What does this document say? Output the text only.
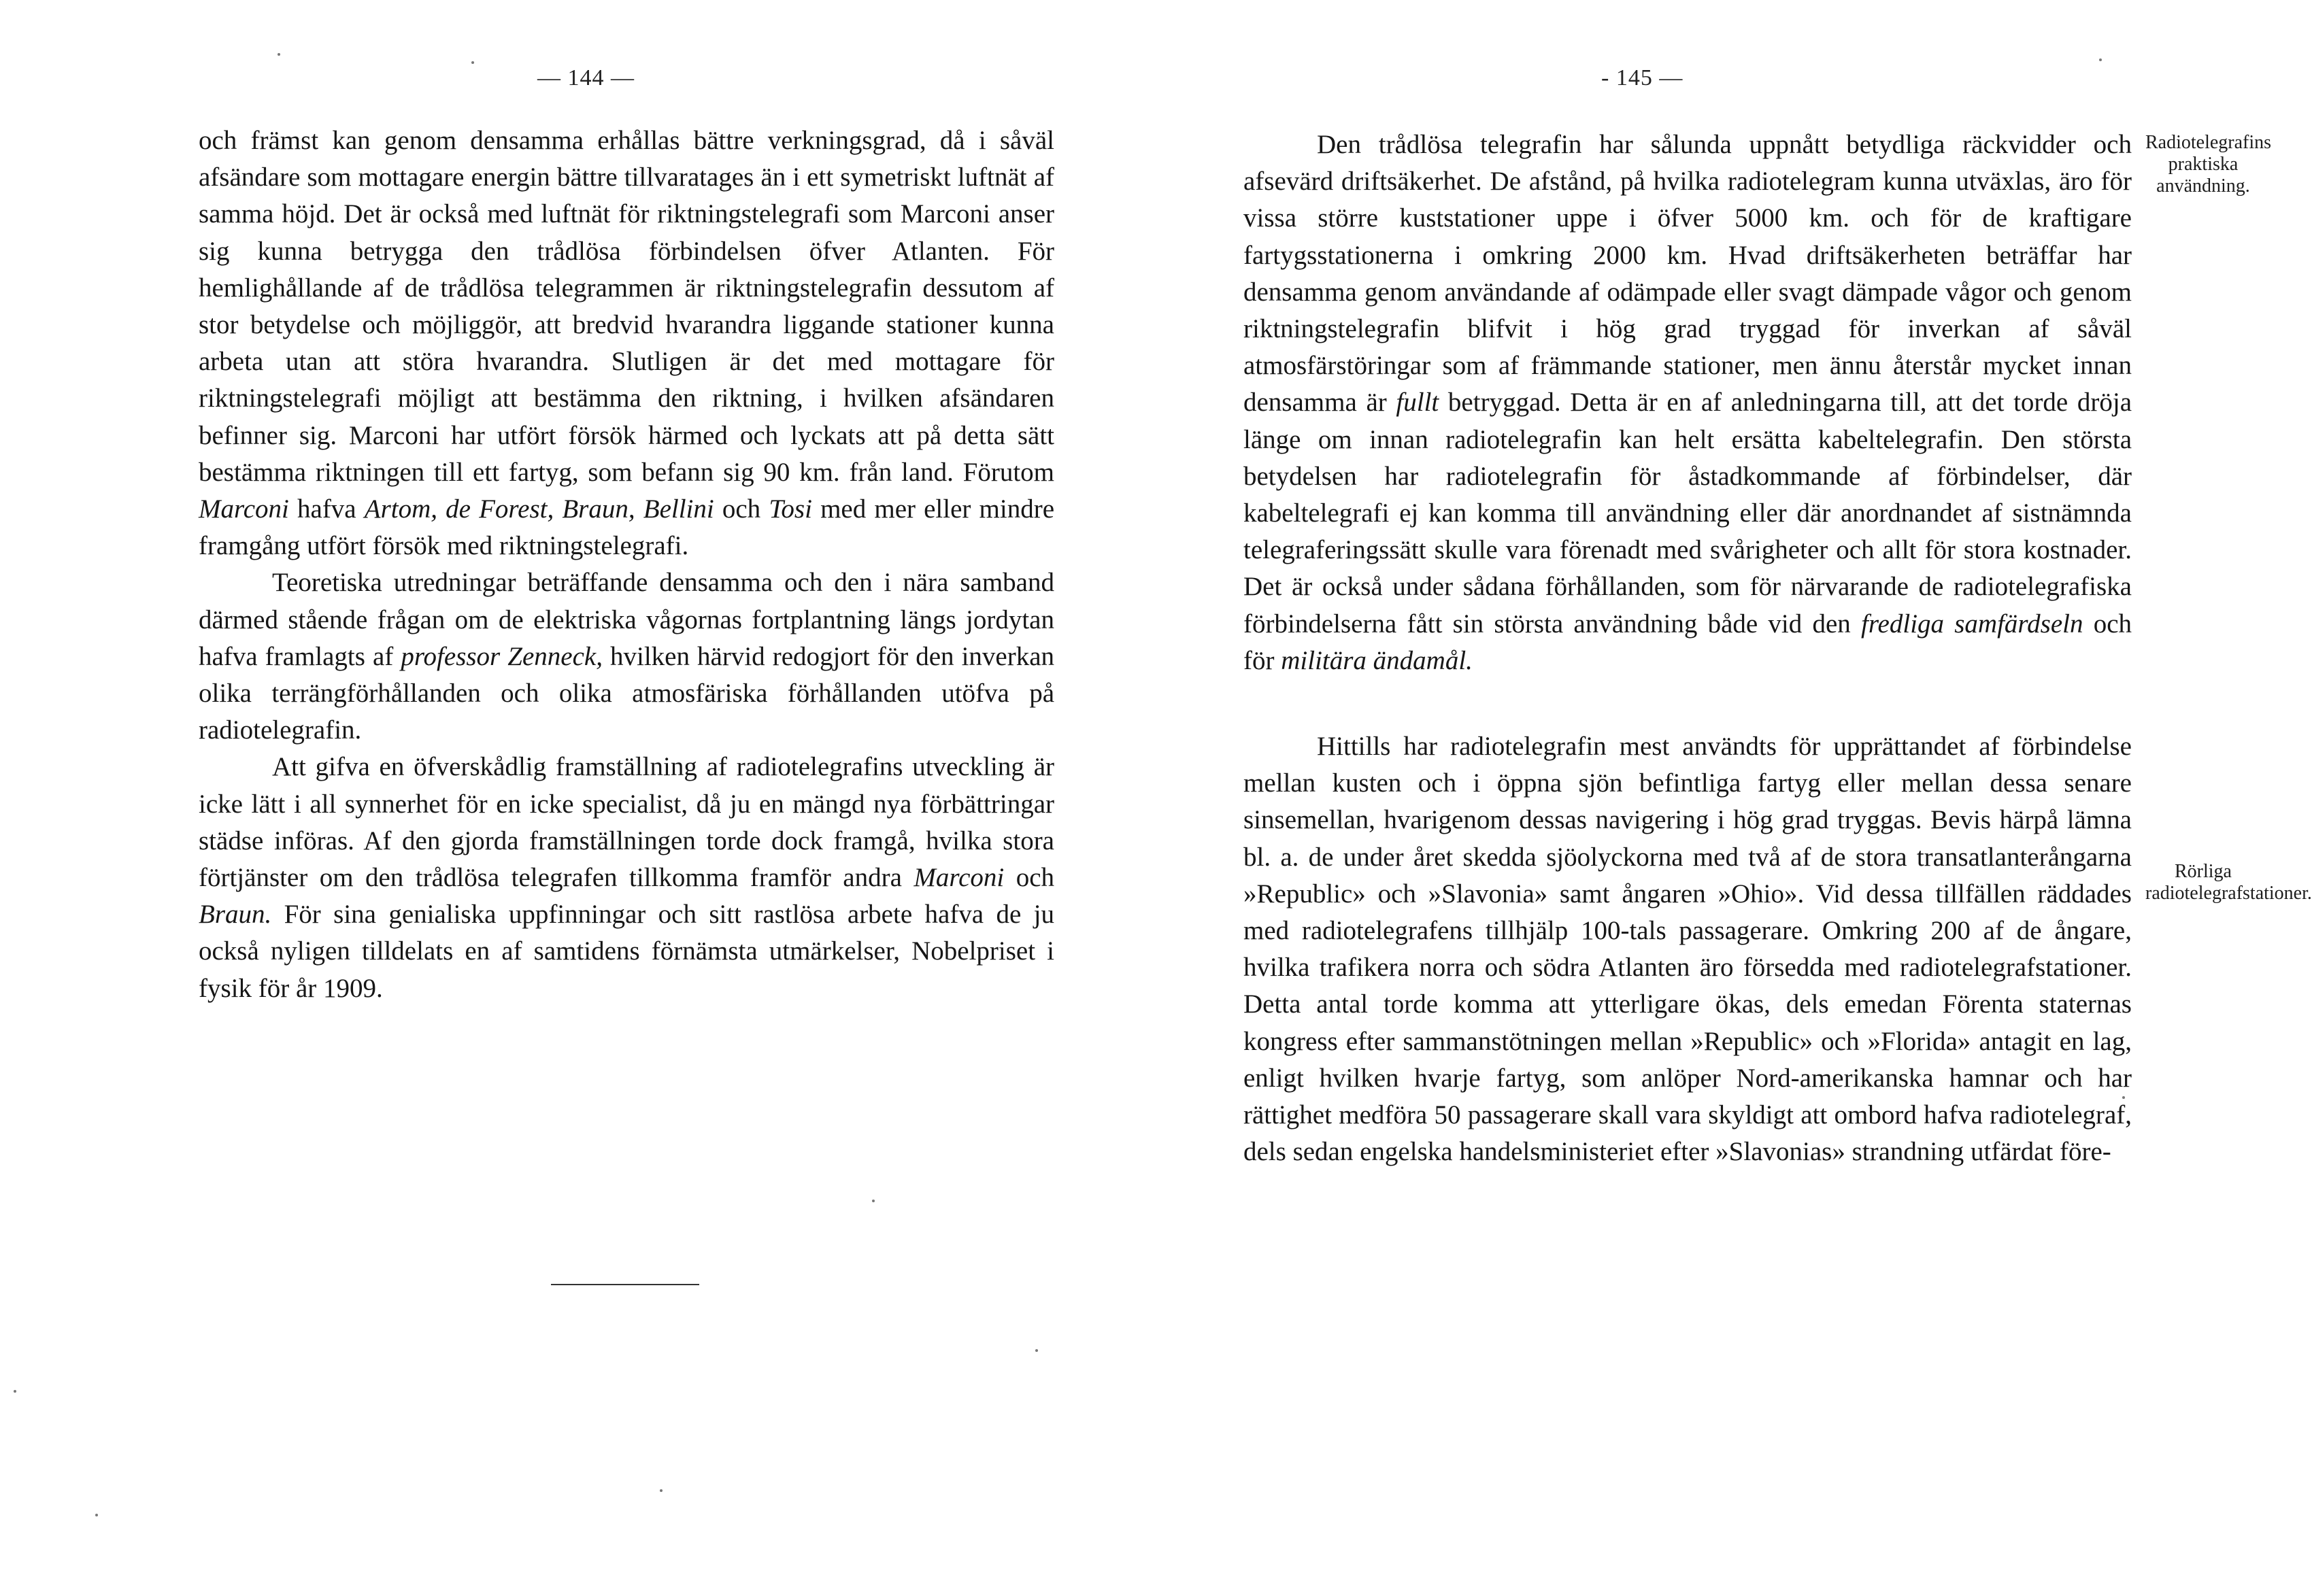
— 144 —

och främst kan genom densamma erhållas bättre verkningsgrad, då i såväl afsändare som mottagare energin bättre tillvaratages än i ett symetriskt luftnät af samma höjd. Det är också med luftnät för riktningstelegrafi som Marconi anser sig kunna betrygga den trådlösa förbindelsen öfver Atlanten. För hemlighållande af de trådlösa telegrammen är riktningstelegrafin dessutom af stor betydelse och möjliggör, att bredvid hvarandra liggande stationer kunna arbeta utan att störa hvarandra. Slutligen är det med mottagare för riktningstelegrafi möjligt att bestämma den riktning, i hvilken afsändaren befinner sig. Marconi har utfört försök härmed och lyckats att på detta sätt bestämma riktningen till ett fartyg, som befann sig 90 km. från land. Förutom Marconi hafva Artom, de Forest, Braun, Bellini och Tosi med mer eller mindre framgång utfört försök med riktningstelegrafi.

Teoretiska utredningar beträffande densamma och den i nära samband därmed stående frågan om de elektriska vågornas fortplantning längs jordytan hafva framlagts af professor Zenneck, hvilken härvid redogjort för den inverkan olika terrängförhållanden och olika atmosfäriska förhållanden utöfva på radiotelegrafin.

Att gifva en öfverskådlig framställning af radiotelegrafins utveckling är icke lätt i all synnerhet för en icke specialist, då ju en mängd nya förbättringar städse införas. Af den gjorda framställningen torde dock framgå, hvilka stora förtjänster om den trådlösa telegrafen tillkomma framför andra Marconi och Braun. För sina genialiska uppfinningar och sitt rastlösa arbete hafva de ju också nyligen tilldelats en af samtidens förnämsta utmärkelser, Nobelpriset i fysik för år 1909.

- 145 —

Den trådlösa telegrafin har sålunda uppnått betydliga räckvidder och afsevärd driftsäkerhet. De afstånd, på hvilka radiotelegram kunna utväxlas, äro för vissa större kuststationer uppe i öfver 5000 km. och för de kraftigare fartygsstationerna i omkring 2000 km. Hvad driftsäkerheten beträffar har densamma genom användande af odämpade eller svagt dämpade vågor och genom riktningstelegrafin blifvit i hög grad tryggad för inverkan af såväl atmosfärstöringar som af främmande stationer, men ännu återstår mycket innan densamma är fullt betryggad. Detta är en af anledningarna till, att det torde dröja länge om innan radiotelegrafin kan helt ersätta kabeltelegrafin. Den största betydelsen har radiotelegrafin för åstadkommande af förbindelser, där kabeltelegrafi ej kan komma till användning eller där anordnandet af sistnämnda telegraferingssätt skulle vara förenadt med svårigheter och allt för stora kostnader. Det är också under sådana förhållanden, som för närvarande de radiotelegrafiska förbindelserna fått sin största användning både vid den fredliga samfärdseln och för militära ändamål.

Hittills har radiotelegrafin mest användts för upprättandet af förbindelse mellan kusten och i öppna sjön befintliga fartyg eller mellan dessa senare sinsemellan, hvarigenom dessas navigering i hög grad tryggas. Bevis härpå lämna bl. a. de under året skedda sjöolyckorna med två af de stora transatlanterångarna »Republic» och »Slavonia» samt ångaren »Ohio». Vid dessa tillfällen räddades med radiotelegrafens tillhjälp 100-tals passagerare. Omkring 200 af de ångare, hvilka trafikera norra och södra Atlanten äro försedda med radiotelegrafstationer. Detta antal torde komma att ytterligare ökas, dels emedan Förenta staternas kongress efter sammanstötningen mellan »Republic» och »Florida» antagit en lag, enligt hvilken hvarje fartyg, som anlöper Nord-amerikanska hamnar och har rättighet medföra 50 passagerare skall vara skyldigt att ombord hafva radiotelegraf, dels sedan engelska handelsministeriet efter »Slavonias» strandning utfärdat före-

Radiotelegrafins praktiska användning.
Rörliga radiotelegrafstationer.
